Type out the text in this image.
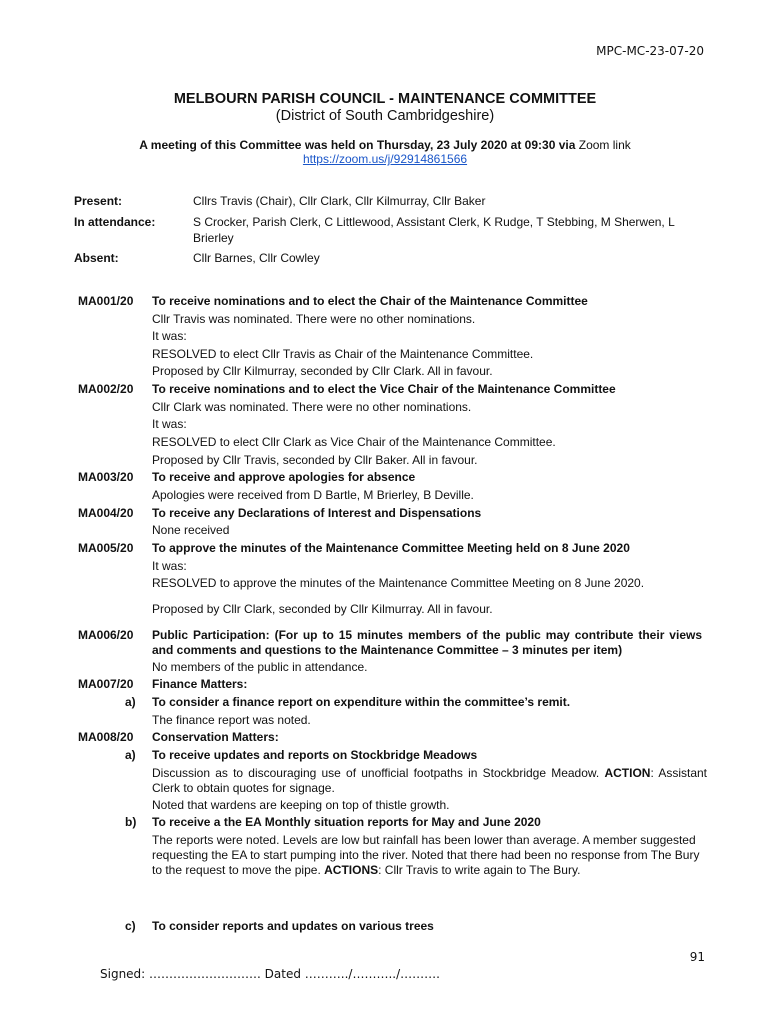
MPC-MC-23-07-20
MELBOURN PARISH COUNCIL - MAINTENANCE COMMITTEE
(District of South Cambridgeshire)
A meeting of this Committee was held on Thursday, 23 July 2020 at 09:30 via Zoom link
https://zoom.us/j/92914861566
Present:	Cllrs Travis (Chair), Cllr Clark, Cllr Kilmurray, Cllr Baker
In attendance:	S Crocker, Parish Clerk, C Littlewood, Assistant Clerk, K Rudge, T Stebbing, M Sherwen, L Brierley
Absent:	Cllr Barnes, Cllr Cowley
MA001/20 To receive nominations and to elect the Chair of the Maintenance Committee
Cllr Travis was nominated. There were no other nominations.
It was:
RESOLVED to elect Cllr Travis as Chair of the Maintenance Committee.
Proposed by Cllr Kilmurray, seconded by Cllr Clark. All in favour.
MA002/20 To receive nominations and to elect the Vice Chair of the Maintenance Committee
Cllr Clark was nominated. There were no other nominations.
It was:
RESOLVED to elect Cllr Clark as Vice Chair of the Maintenance Committee.
Proposed by Cllr Travis, seconded by Cllr Baker. All in favour.
MA003/20 To receive and approve apologies for absence
Apologies were received from D Bartle, M Brierley, B Deville.
MA004/20 To receive any Declarations of Interest and Dispensations
None received
MA005/20 To approve the minutes of the Maintenance Committee Meeting held on 8 June 2020
It was:
RESOLVED to approve the minutes of the Maintenance Committee Meeting on 8 June 2020.
Proposed by Cllr Clark, seconded by Cllr Kilmurray. All in favour.
MA006/20 Public Participation: (For up to 15 minutes members of the public may contribute their views and comments and questions to the Maintenance Committee – 3 minutes per item)
No members of the public in attendance.
MA007/20 Finance Matters:
a) To consider a finance report on expenditure within the committee’s remit.
The finance report was noted.
MA008/20 Conservation Matters:
a) To receive updates and reports on Stockbridge Meadows
Discussion as to discouraging use of unofficial footpaths in Stockbridge Meadow. ACTION: Assistant Clerk to obtain quotes for signage.
Noted that wardens are keeping on top of thistle growth.
b) To receive a the EA Monthly situation reports for May and June 2020
The reports were noted. Levels are low but rainfall has been lower than average. A member suggested requesting the EA to start pumping into the river. Noted that there had been no response from The Bury to the request to move the pipe. ACTIONS: Cllr Travis to write again to The Bury.
c) To consider reports and updates on various trees
91
Signed: ………………………. Dated ………../………../……….
